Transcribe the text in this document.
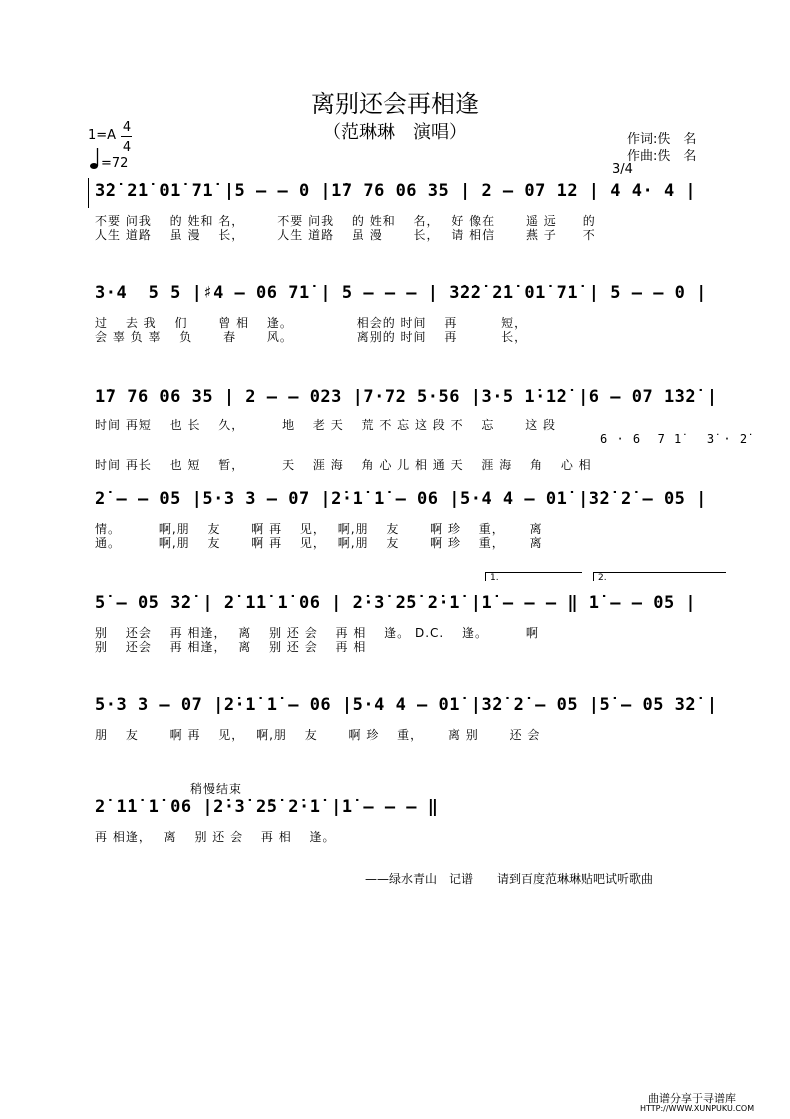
离别还会再相逢
（范琳琳　演唱）
1=A
4
4
=72
作词:佚　名
作曲:佚　名
3/4
3̇2̇ 2̇1̇ 01̇ 71̇ |5 — — 0 |1̇7 76 06 35 | 2 — 07 12 | 4 4· 4 |
不要 问我　 的 姓和 名，　　　不要 问我　 的 姓和　 名，　 好 像在　　 遥 远　　的
人生 道路　 虽 漫　 长，　　　人生 道路　 虽 漫　　 长，　 请 相信　　 燕 子　　不
3·4  5 5 |♯4 — 06 71̇ | 5 — — — | 3̇2̇2̇ 2̇1̇ 01̇ 71̇ | 5 — — 0 |
过　 去 我　 们　　 曾 相　 逢。　　　　　 相会的 时间　 再　　　 短，
会 辜 负 辜　 负　　 春　　 风。　　　　　 离别的 时间　 再　　　 长，
1̇7 76 06 35 | 2 — — 023 |7·72 5·56 |3·5 1̇·1̇2̇ |6 — 07 1̇3̇2̇ |
时间 再短　 也 长　 久，　　　 地　 老 天　 荒 不 忘 这 段 不　 忘　　 这 段
6 · 6  7 1̇   3̇ · 2̇
时间 再长　 也 短　 暂，　　　 天　 涯 海　 角 心 儿 相 通 天　 涯 海　 角　 心 相
2̇ — — 05 |5·3 3 — 07 |2̇·1̇ 1̇ — 06 |5·4 4 — 01̇ |3̇2̇ 2̇ — 05 |
情。　　　 啊,朋　 友　　 啊 再　 见，　 啊,朋　 友　　 啊 珍　 重，　　 离
通。　　　 啊,朋　 友　　 啊 再　 见，　 啊,朋　 友　　 啊 珍　 重，　　 离
1.	2.
5̇ — 05 3̇2̇ | 2̇ 1̇1̇ 1̇ 06 | 2̇·3̇ 2̇5̇ 2̇·1̇ |1̇ — — — ‖ 1̇ — — 05 |
别　 还会　 再 相逢，　 离　 别 还 会　 再 相　 逢。 D.C.　 逢。　　　 啊
别　 还会　 再 相逢，　 离　 别 还 会　 再 相
5·3 3 — 07 |2̇·1̇ 1̇ — 06 |5·4 4 — 01̇ |3̇2̇ 2̇ — 05 |5̇ — 05 3̇2̇ |
朋　 友　　 啊 再　 见，　 啊,朋　 友　　 啊 珍　 重，　　 离 别　　 还 会
稍慢结束
2̇ 1̇1̇ 1̇ 06 |2̇·3̇ 2̇5̇ 2̇·1̇ |1̇ — — — ‖
再 相逢，　 离　 别 还 会　 再 相　 逢。
——绿水青山　记谱　　请到百度范琳琳贴吧试听歌曲
曲谱分享于寻谱库
HTTP://WWW.XUNPUKU.COM
